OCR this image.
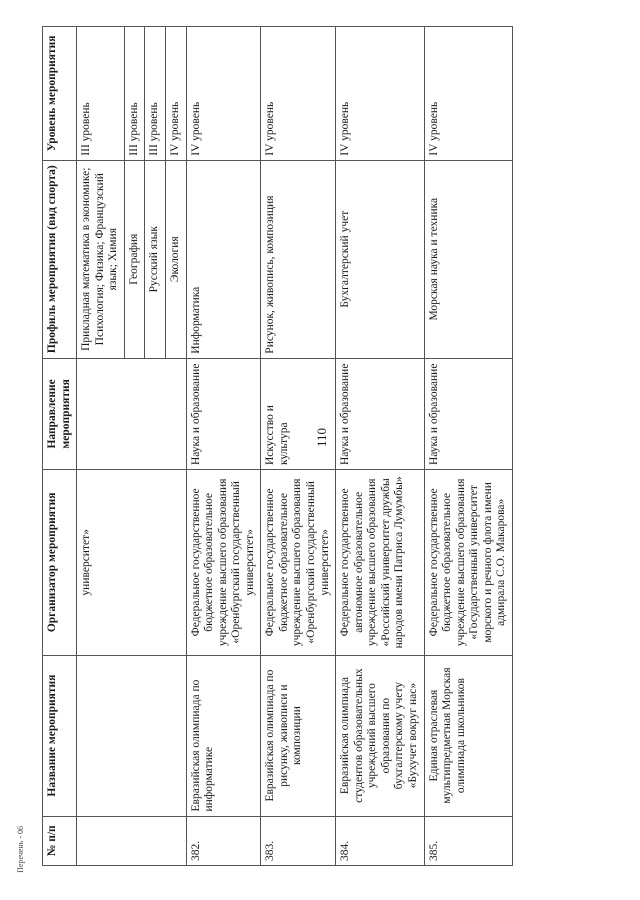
110
Перечень - 06 № п/п	Название мероприятия	Организатор мероприятия	Направление мероприятия	Профиль мероприятия (вид спорта)	Уровень мероприятия
		университет»		Прикладная математика в экономике; Психология; Физика; Французский язык; Химия	III уровень
				География	III уровень
				Русский язык	III уровень
				Экология	IV уровень
382.	Евразийская олимпиада по информатике	Федеральное государственное бюджетное образовательное учреждение высшего образования «Оренбургский государственный университет»	Наука и образование	Информатика	IV уровень
383.	Евразийская олимпиада по рисунку, живописи и композиции	Федеральное государственное бюджетное образовательное учреждение высшего образования «Оренбургский государственный университет»	Искусство и культура	Рисунок, живопись, композиция	IV уровень
384.	Евразийская олимпиада студентов образовательных учреждений высшего образования по бухгалтерскому учету «Бухучет вокруг нас»	Федеральное государственное автономное образовательное учреждение высшего образования «Российский университет дружбы народов имени Патриса Лумумбы»	Наука и образование	Бухгалтерский учет	IV уровень
385.	Единая отраслевая мультипредметная Морская олимпиада школьников	Федеральное государственное бюджетное образовательное учреждение высшего образования «Государственный университет морского и речного флота имени адмирала С.О. Макарова»	Наука и образование	Морская наука и техника	IV уровень
